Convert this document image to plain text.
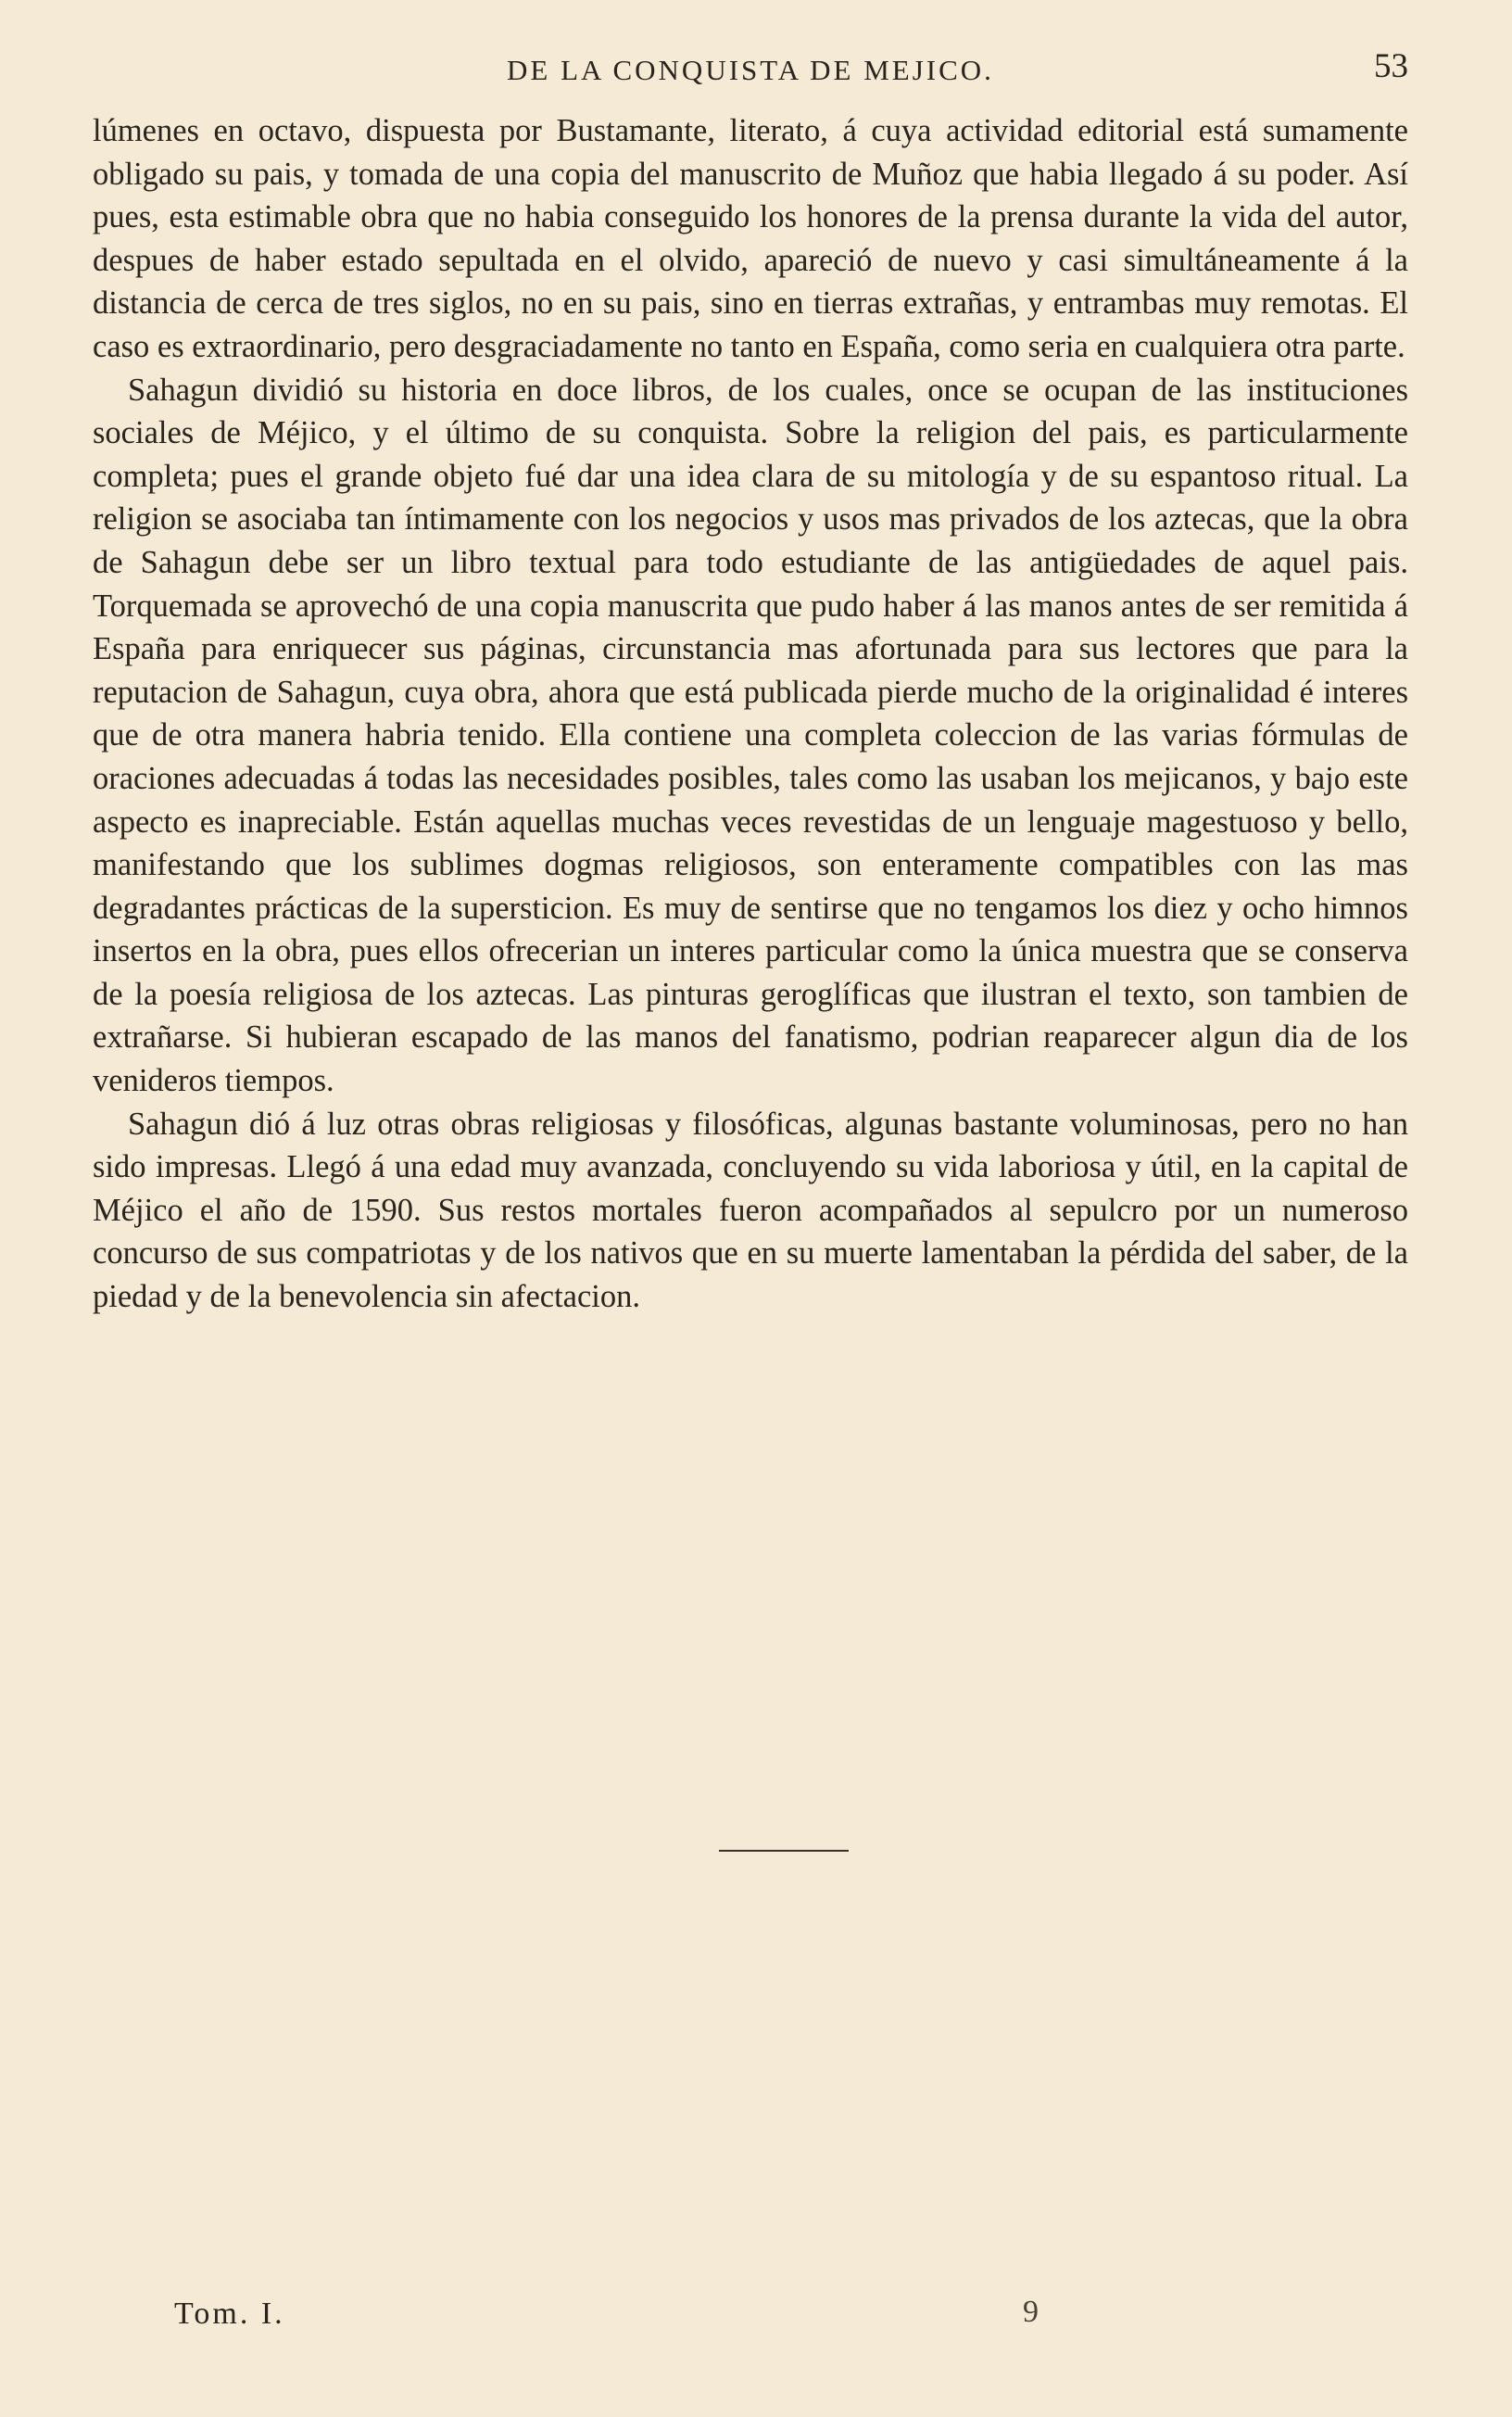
DE LA CONQUISTA DE MEJICO.	53

lúmenes en octavo, dispuesta por Bustamante, literato, á cuya actividad editorial está sumamente obligado su pais, y tomada de una copia del manuscrito de Muñoz que habia llegado á su poder. Así pues, esta estimable obra que no habia conseguido los honores de la prensa durante la vida del autor, despues de haber estado sepultada en el olvido, apareció de nuevo y casi simultáneamente á la distancia de cerca de tres siglos, no en su pais, sino en tierras extrañas, y entrambas muy remotas. El caso es extraordinario, pero desgraciadamente no tanto en España, como seria en cualquiera otra parte.

Sahagun dividió su historia en doce libros, de los cuales, once se ocupan de las instituciones sociales de Méjico, y el último de su conquista. Sobre la religion del pais, es particularmente completa; pues el grande objeto fué dar una idea clara de su mitología y de su espantoso ritual. La religion se asociaba tan íntimamente con los negocios y usos mas privados de los aztecas, que la obra de Sahagun debe ser un libro textual para todo estudiante de las antigüedades de aquel pais. Torquemada se aprovechó de una copia manuscrita que pudo haber á las manos antes de ser remitida á España para enriquecer sus páginas, circunstancia mas afortunada para sus lectores que para la reputacion de Sahagun, cuya obra, ahora que está publicada pierde mucho de la originalidad é interes que de otra manera habria tenido. Ella contiene una completa coleccion de las varias fórmulas de oraciones adecuadas á todas las necesidades posibles, tales como las usaban los mejicanos, y bajo este aspecto es inapreciable. Están aquellas muchas veces revestidas de un lenguaje magestuoso y bello, manifestando que los sublimes dogmas religiosos, son enteramente compatibles con las mas degradantes prácticas de la supersticion. Es muy de sentirse que no tengamos los diez y ocho himnos insertos en la obra, pues ellos ofrecerian un interes particular como la única muestra que se conserva de la poesía religiosa de los aztecas. Las pinturas geroglíficas que ilustran el texto, son tambien de extrañarse. Si hubieran escapado de las manos del fanatismo, podrian reaparecer algun dia de los venideros tiempos.

Sahagun dió á luz otras obras religiosas y filosóficas, algunas bastante voluminosas, pero no han sido impresas. Llegó á una edad muy avanzada, concluyendo su vida laboriosa y útil, en la capital de Méjico el año de 1590. Sus restos mortales fueron acompañados al sepulcro por un numeroso concurso de sus compatriotas y de los nativos que en su muerte lamentaban la pérdida del saber, de la piedad y de la benevolencia sin afectacion.

Tom. I.	9
